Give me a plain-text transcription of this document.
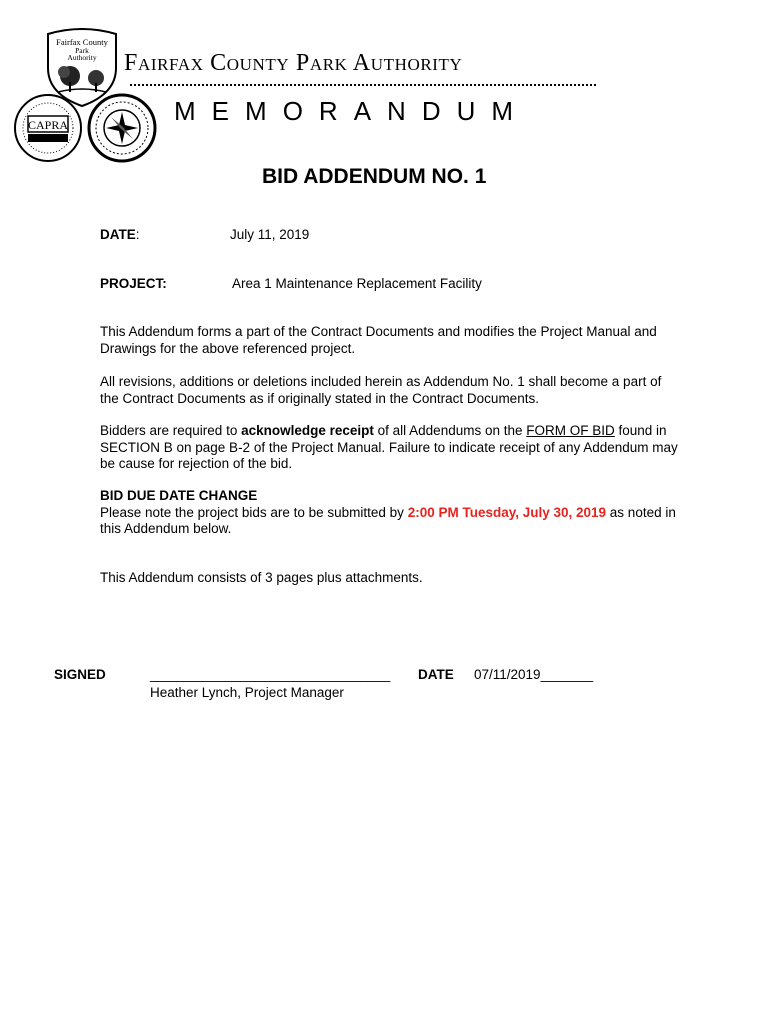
Fairfax County
Park
Authority
CAPRA
Fairfax County Park Authority
M E M O R A N D U M
BID ADDENDUM NO. 1
DATE:	July 11, 2019
PROJECT:	Area 1 Maintenance Replacement Facility

This Addendum forms a part of the Contract Documents and modifies the Project Manual and Drawings for the above referenced project.

All revisions, additions or deletions included herein as Addendum No. 1 shall become a part of the Contract Documents as if originally stated in the Contract Documents.

Bidders are required to acknowledge receipt of all Addendums on the FORM OF BID found in SECTION B on page B-2 of the Project Manual. Failure to indicate receipt of any Addendum may be cause for rejection of the bid.

BID DUE DATE CHANGE

Please note the project bids are to be submitted by 2:00 PM Tuesday, July 30, 2019 as noted in this Addendum below.

This Addendum consists of 3 pages plus attachments.

SIGNED	________________________________
Heather Lynch, Project Manager
DATE 07/11/2019_______
